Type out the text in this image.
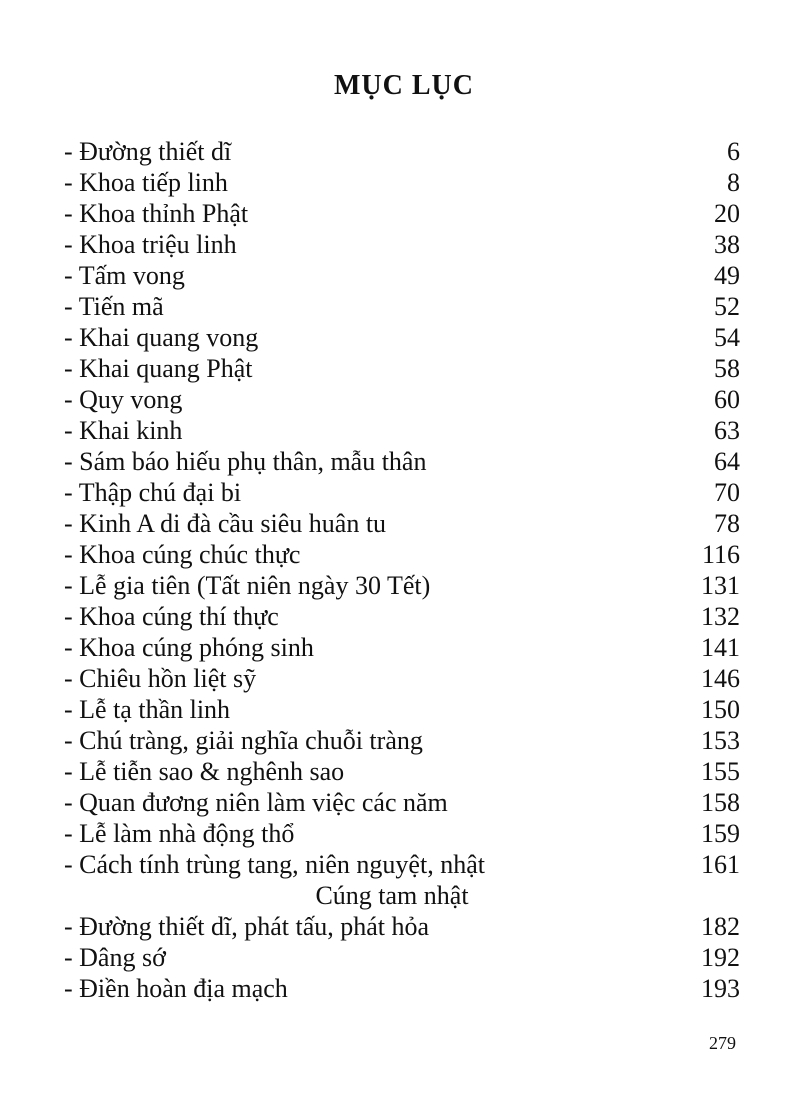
MỤC LỤC
- Đường thiết dĩ	6
- Khoa tiếp linh	8
- Khoa thỉnh Phật	20
- Khoa triệu linh	38
- Tấm vong	49
- Tiến mã	52
- Khai quang vong	54
- Khai quang Phật	58
- Quy vong	60
- Khai kinh	63
- Sám báo hiếu phụ thân, mẫu thân	64
- Thập chú đại bi	70
- Kinh A di đà cầu siêu huân tu	78
- Khoa cúng chúc thực	116
- Lễ gia tiên (Tất niên ngày 30 Tết)	131
- Khoa cúng thí thực	132
- Khoa cúng phóng sinh	141
- Chiêu hồn liệt sỹ	146
- Lễ tạ thần linh	150
- Chú tràng, giải nghĩa chuỗi tràng	153
- Lễ tiễn sao & nghênh sao	155
- Quan đương niên làm việc các năm	158
- Lễ làm nhà động thổ	159
- Cách tính trùng tang, niên nguyệt, nhật	161
Cúng tam nhật
- Đường thiết dĩ, phát tấu, phát hỏa	182
- Dâng sớ	192
- Điền hoàn địa mạch	193
279
